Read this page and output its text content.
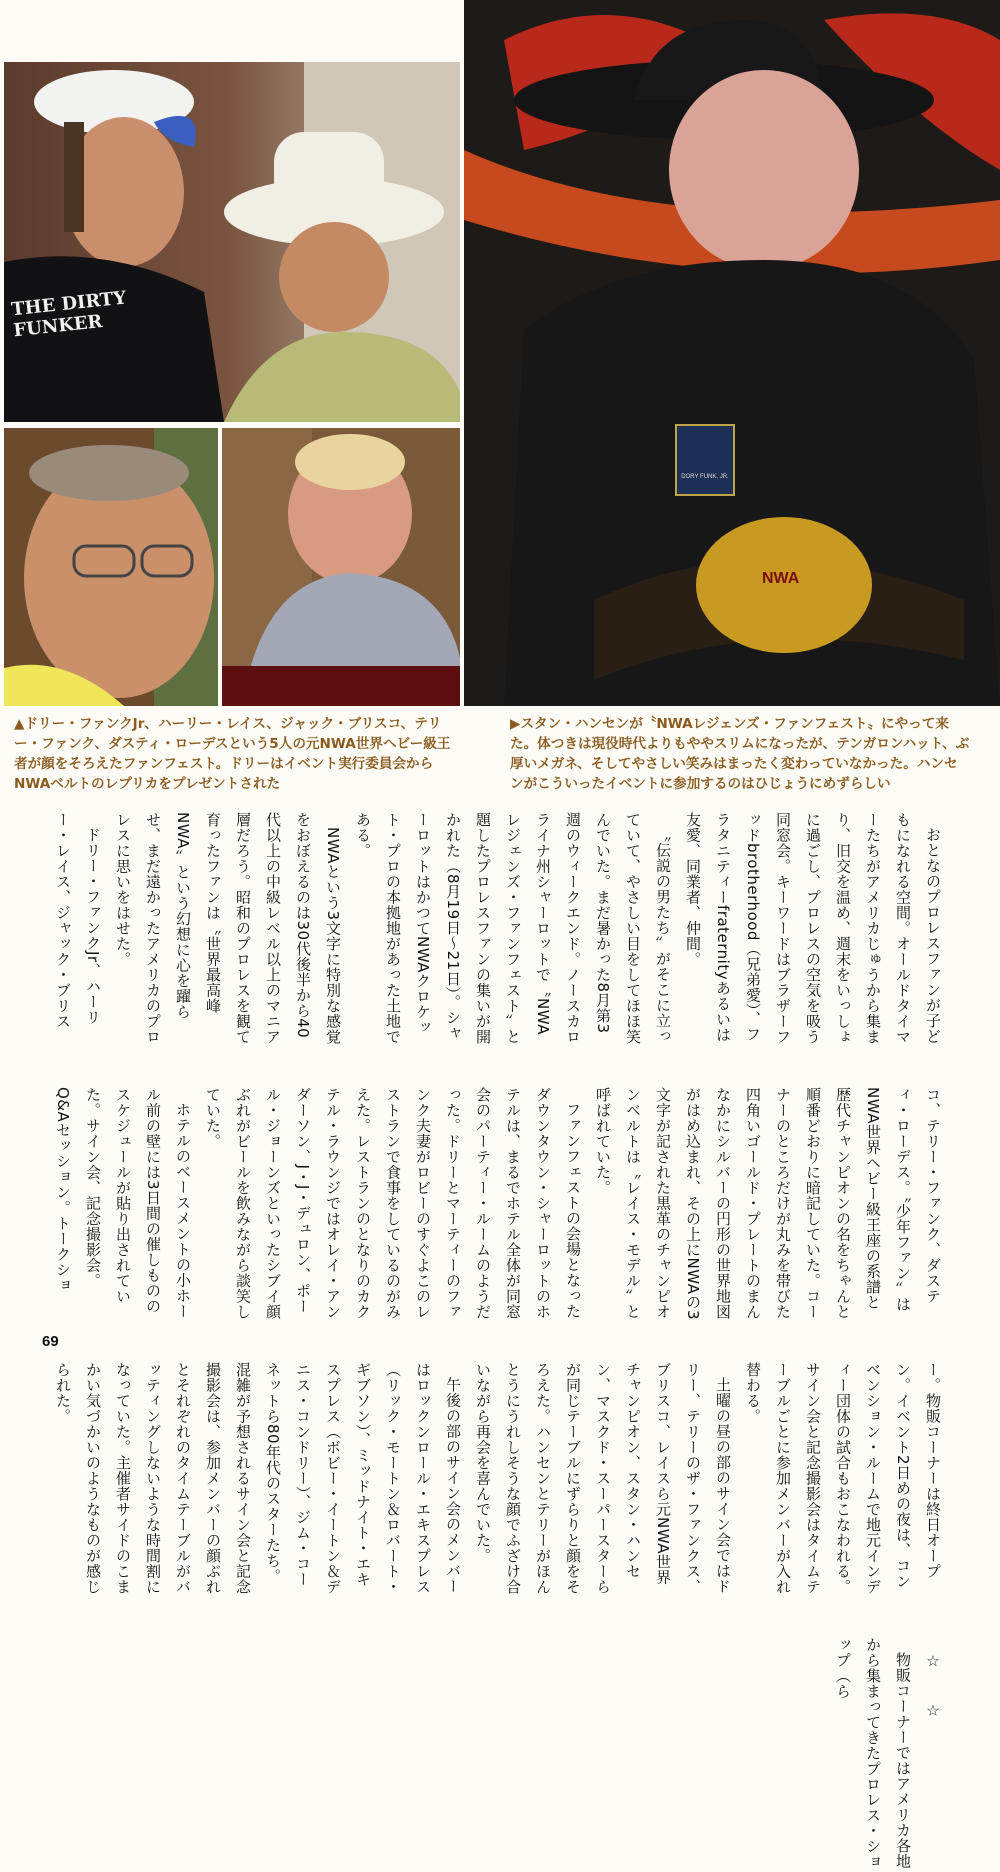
THE DIRTY FUNKER
DORY FUNK, JR.
NWA

▲ドリー・ファンクJr、ハーリー・レイス、ジャック・ブリスコ、テリー・ファンク、ダスティ・ローデスという5人の元NWA世界ヘビー級王者が顔をそろえたファンフェスト。ドリーはイベント実行委員会からNWAベルトのレプリカをプレゼントされた

▶スタン・ハンセンが〝NWAレジェンズ・ファンフェスト〟にやって来た。体つきは現役時代よりもややスリムになったが、テンガロンハット、ぶ厚いメガネ、そしてやさしい笑みはまったく変わっていなかった。ハンセンがこういったイベントに参加するのはひじょうにめずらしい

おとなのプロレスファンが子どもになれる空間。オールドタイマーたちがアメリカじゅうから集まり、旧交を温め、週末をいっしょに過ごし、プロレスの空気を吸う同窓会。キーワードはブラザーフッドbrotherhood（兄弟愛）、フラタニティーfraternityあるいは友愛、同業者、仲間。

〝伝説の男たち〟がそこに立っていて、やさしい目をしてほほ笑んでいた。まだ暑かった8月第3週のウィークエンド。ノースカロライナ州シャーロットで〝NWAレジェンズ・ファンフェスト〟と題したプロレスファンの集いが開かれた（8月19日～21日）。シャーロットはかつてNWAクロケット・プロの本拠地があった土地である。

NWAという3文字に特別な感覚をおぼえるのは30代後半から40代以上の中級レベル以上のマニア層だろう。昭和のプロレスを観て育ったファンは〝世界最高峰NWA〟という幻想に心を躍らせ、まだ遠かったアメリカのプロレスに思いをはせた。

ドリー・ファンクJr、ハーリー・レイス、ジャック・ブリスコ、テリー・ファンク、ダスティ・ローデス。〝少年ファン〟はNWA世界ヘビー級王座の系譜と歴代チャンピオンの名をちゃんと順番どおりに暗記していた。コーナーのところだけが丸みを帯びた四角いゴールド・プレートのまんなかにシルバーの円形の世界地図がはめ込まれ、その上にNWAの3文字が記された黒革のチャンピオンベルトは〝レイス・モデル〟と呼ばれていた。

ファンフェストの会場となったダウンタウン・シャーロットのホテルは、まるでホテル全体が同窓会のパーティー・ルームのようだった。ドリーとマーティーのファンク夫妻がロビーのすぐよこのレストランで食事をしているのがみえた。レストランのとなりのカクテル・ラウンジではオレイ・アンダーソン、J・J・デュロン、ポール・ジョーンズといったシブイ顔ぶれがビールを飲みながら談笑していた。

ホテルのベースメントの小ホール前の壁には3日間の催しもののスケジュールが貼り出されていた。サイン会、記念撮影会。Q&Aセッション。トークショー。物販コーナーは終日オープン。イベント2日めの夜は、コンベンション・ルームで地元インディー団体の試合もおこなわれる。サイン会と記念撮影会はタイムテーブルごとに参加メンバーが入れ替わる。

土曜の昼の部のサイン会ではドリー、テリーのザ・ファンクス、ブリスコ、レイスら元NWA世界チャンピオン、スタン・ハンセン、マスクド・スーパースターらが同じテーブルにずらりと顔をそろえた。ハンセンとテリーがほんとうにうれしそうな顔でふざけ合いながら再会を喜んでいた。

午後の部のサイン会のメンバーはロックンロール・エキスプレス（リック・モートン＆ロバート・ギブソン）、ミッドナイト・エキスプレス（ボビー・イートン＆デニス・コンドリー）、ジム・コーネットら80年代のスターたち。混雑が予想されるサイン会と記念撮影会は、参加メンバーの顔ぶれとそれぞれのタイムテーブルがバッティングしないような時間割になっていた。主催者サイドのこまかい気づかいのようなものが感じられた。

☆　　☆

物販コーナーではアメリカ各地から集まってきたプロレス・ショップ（ら

69
